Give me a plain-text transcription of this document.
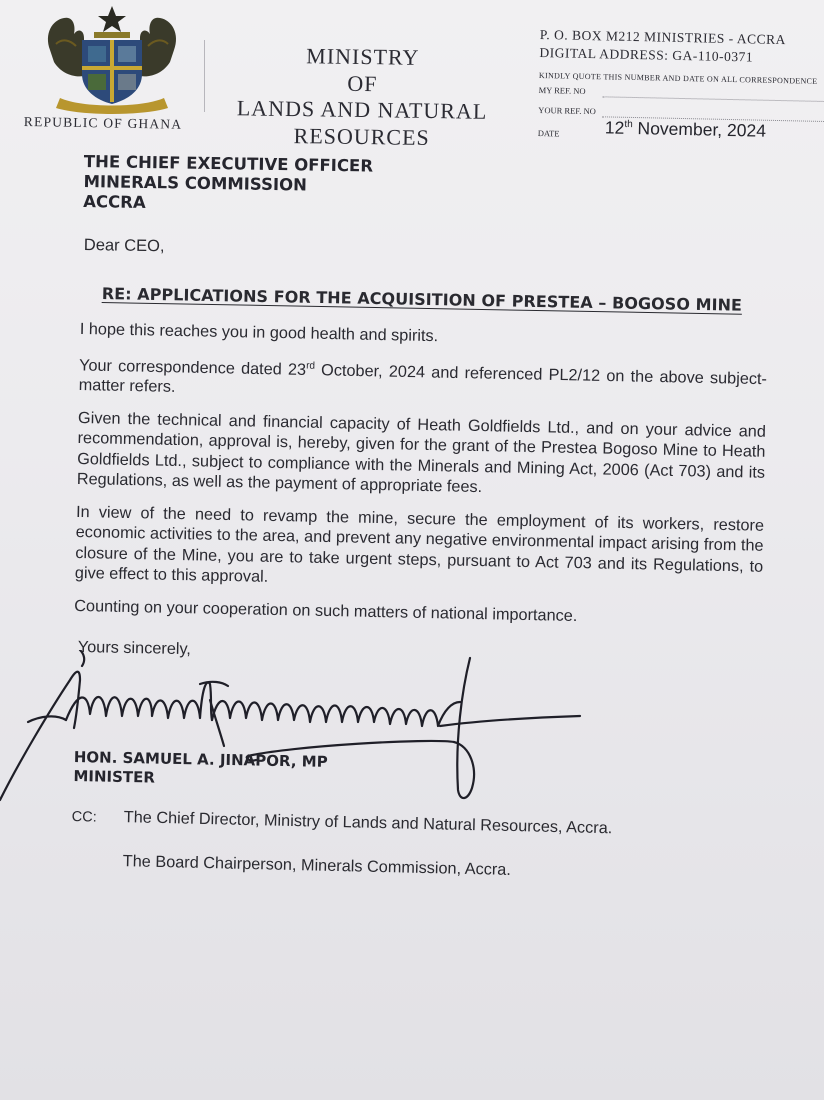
REPUBLIC OF GHANA
MINISTRY
OF
LANDS AND NATURAL
RESOURCES
P. O. BOX M212 MINISTRIES - ACCRA
DIGITAL ADDRESS: GA-110-0371
KINDLY QUOTE THIS NUMBER AND DATE ON ALL CORRESPONDENCE
MY REF. NO
YOUR REF. NO
DATE	12th November, 2024
THE CHIEF EXECUTIVE OFFICER
MINERALS COMMISSION
ACCRA
Dear CEO,
RE: APPLICATIONS FOR THE ACQUISITION OF PRESTEA – BOGOSO MINE

I hope this reaches you in good health and spirits.

Your correspondence dated 23rd October, 2024 and referenced PL2/12 on the above subject-matter refers.

Given the technical and financial capacity of Heath Goldfields Ltd., and on your advice and recommendation, approval is, hereby, given for the grant of the Prestea Bogoso Mine to Heath Goldfields Ltd., subject to compliance with the Minerals and Mining Act, 2006 (Act 703) and its Regulations, as well as the payment of appropriate fees.

In view of the need to revamp the mine, secure the employment of its workers, restore economic activities to the area, and prevent any negative environmental impact arising from the closure of the Mine, you are to take urgent steps, pursuant to Act 703 and its Regulations, to give effect to this approval.

Counting on your cooperation on such matters of national importance.

Yours sincerely,
HON. SAMUEL A. JINAPOR, MP
MINISTER
CC: The Chief Director, Ministry of Lands and Natural Resources, Accra.
The Board Chairperson, Minerals Commission, Accra.
